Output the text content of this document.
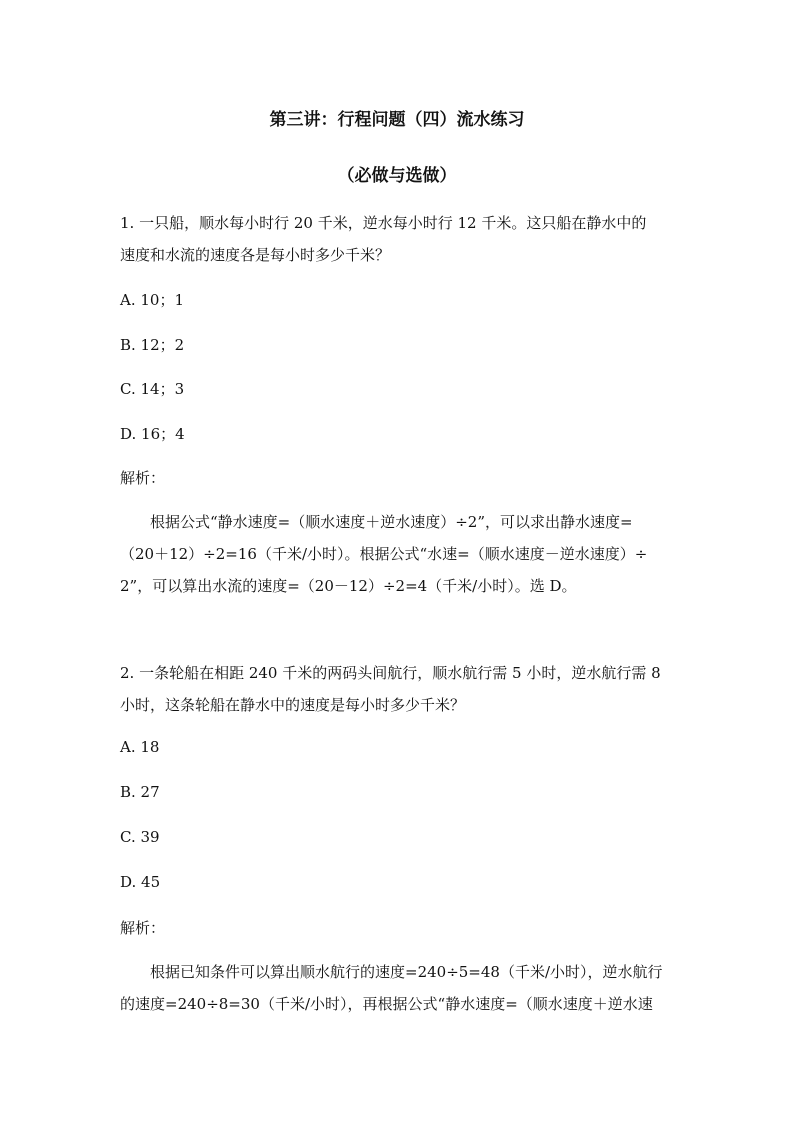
第三讲：行程问题（四）流水练习
（必做与选做）
1. 一只船，顺水每小时行 20 千米，逆水每小时行 12 千米。这只船在静水中的
速度和水流的速度各是每小时多少千米？
A. 10；1
B. 12；2
C. 14；3
D. 16；4
解析：
根据公式“静水速度=（顺水速度＋逆水速度）÷2”，可以求出静水速度=
（20＋12）÷2=16（千米/小时）。根据公式“水速=（顺水速度－逆水速度）÷
2”，可以算出水流的速度=（20－12）÷2=4（千米/小时）。选 D。
2. 一条轮船在相距 240 千米的两码头间航行，顺水航行需 5 小时，逆水航行需 8
小时，这条轮船在静水中的速度是每小时多少千米？
A. 18
B. 27
C. 39
D. 45
解析：
根据已知条件可以算出顺水航行的速度=240÷5=48（千米/小时），逆水航行
的速度=240÷8=30（千米/小时），再根据公式“静水速度=（顺水速度＋逆水速
